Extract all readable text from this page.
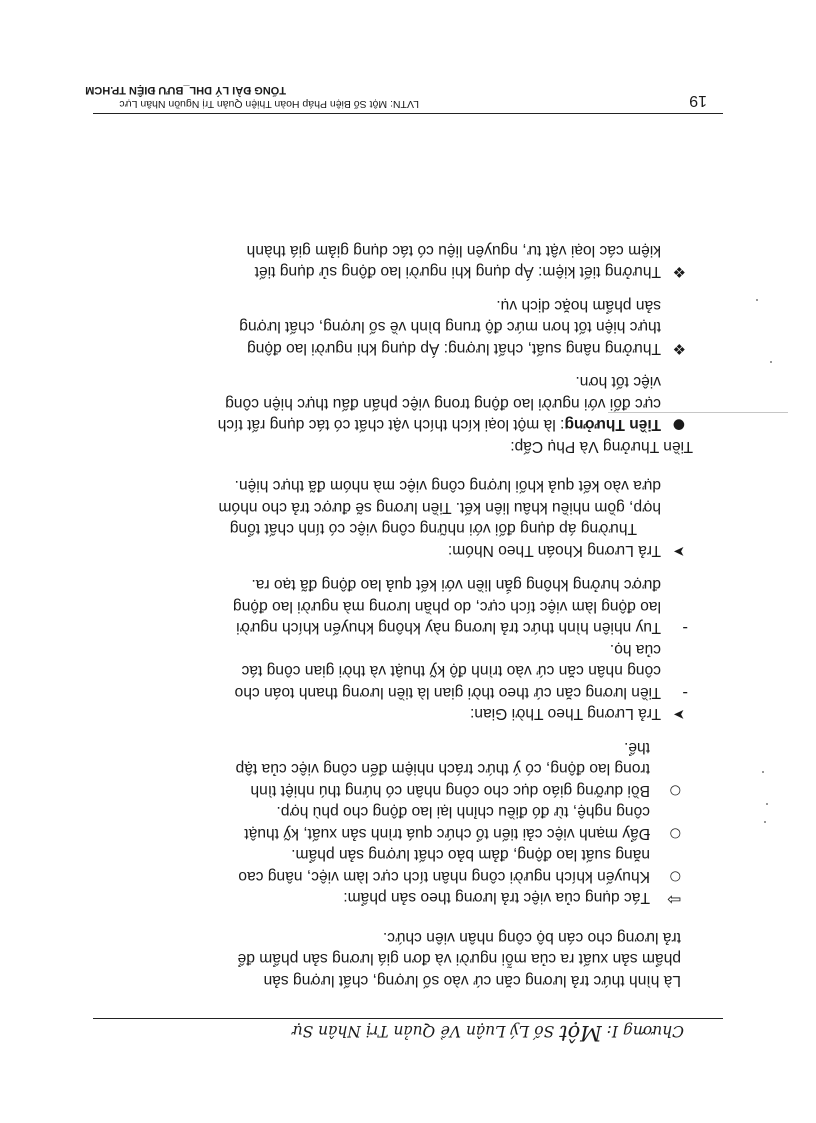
Chương I: Một Số Lý Luận Về Quản Trị Nhân Sự
Là hình thức trả lương căn cứ vào số lượng, chất lượng sản
phẩm sản xuất ra của mỗi người và đơn giá lương sản phẩm để
trả lương cho cán bộ công nhân viên chức.
⇨
Tác dụng của việc trả lương theo sản phẩm:
○
Khuyến khích người công nhân tích cực làm việc, nâng cao
năng suất lao động, đảm bảo chất lượng sản phẩm.
○
Đẩy mạnh việc cải tiến tổ chức quá trình sản xuất, kỹ thuật
công nghệ, từ đó điều chỉnh lại lao động cho phù hợp.
○
Bồi dưỡng giáo dục cho công nhân có hứng thú nhiệt tình
trong lao động, có ý thức trách nhiệm đến công việc của tập
thể.
➤
Trả Lương Theo Thời Gian:
-
Tiền lương căn cứ theo thời gian là tiền lương thanh toán cho
công nhân căn cứ vào trình độ kỹ thuật và thời gian công tác
của họ.
-
Tuy nhiên hình thức trả lương này không khuyến khích người
lao động làm việc tích cực, do phần lương mà người lao động
được hưởng không gắn liền với kết quả lao động đã tạo ra.
➤
Trả Lương Khoán Theo Nhóm:
Thường áp dụng đối với những công việc có tính chất tổng
hợp, gồm nhiều khâu liên kết. Tiền lương sẽ được trả cho nhóm
dựa vào kết quả khối lượng công việc mà nhóm đã thực hiện.
Tiền Thưởng Và Phụ Cấp:
●
Tiền Thưởng: là một loại kích thích vật chất có tác dụng rất tích
cực đối với người lao động trong việc phấn đấu thực hiện công
việc tốt hơn.
❖
Thưởng nâng suất, chất lượng: Áp dụng khi người lao động
thực hiện tốt hơn mức độ trung bình về số lượng, chất lượng
sản phẩm hoặc dịch vụ.
❖
Thưởng tiết kiệm: Áp dụng khi người lao động sử dụng tiết
kiệm các loại vật tư, nguyên liệu có tác dụng giảm giá thành
LVTN: Một Số Biện Pháp Hoàn Thiện Quản Trị Nguồn Nhân Lực
TỔNG ĐÀI LÝ DHL_BƯU ĐIỆN TP.HCM
19
